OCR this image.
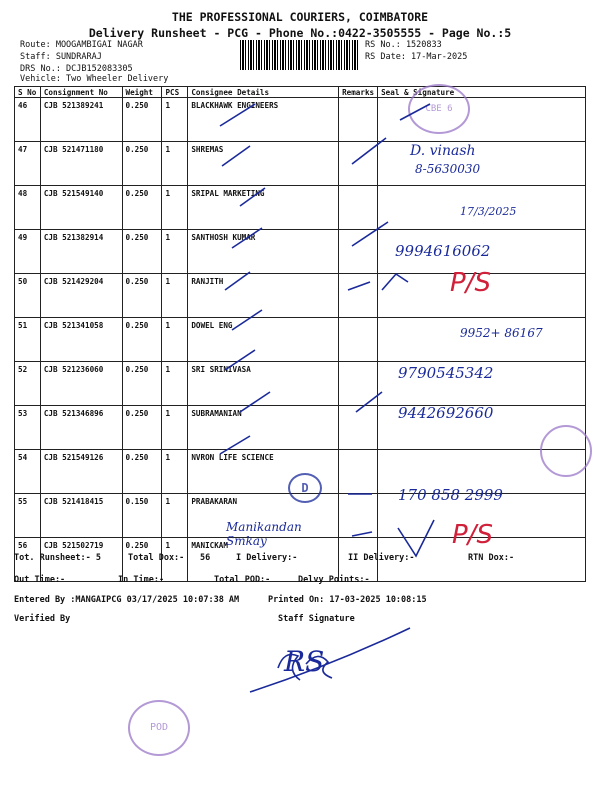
THE PROFESSIONAL COURIERS, COIMBATORE
Delivery Runsheet - PCG - Phone No.:0422-3505555 - Page No.:5
Route: MOOGAMBIGAI NAGAR
Staff: SUNDRARAJ
DRS No.: DCJB152083305
Vehicle: Two Wheeler Delivery
RS No.: 1520833
RS Date: 17-Mar-2025
S No	Consignment No	Weight	PCS	Consignee Details	Remarks	Seal & Signature
46	CJB 521389241	0.250	1	BLACKHAWK ENGINEERS		
47	CJB 521471180	0.250	1	SHREMAS		
48	CJB 521549140	0.250	1	SRIPAL MARKETING		
49	CJB 521382914	0.250	1	SANTHOSH KUMAR		
50	CJB 521429204	0.250	1	RANJITH		
51	CJB 521341058	0.250	1	DOWEL ENG		
52	CJB 521236060	0.250	1	SRI SRINIVASA		
53	CJB 521346896	0.250	1	SUBRAMANIAN		
54	CJB 521549126	0.250	1	NVRON LIFE SCIENCE		
55	CJB 521418415	0.150	1	PRABAKARAN		
56	CJB 521502719	0.250	1	MANICKAM		
CBE 6
D. vinash
8-5630030
17/3/2025
9994616062
P/S
9952+ 86167
9790545342
9442692660
D	170 858 2999
Manikandan Smkay	P/S
RS
POD
Tot. Runsheet:- 5	Total Dox:- 56	I Delivery:-	II Delivery:-	RTN Dox:-
Out Time:-	In Time:-	Total POD:-	Delvy Points:-
Entered By :MANGAIPCG 03/17/2025 10:07:38 AM	Printed On: 17-03-2025 10:08:15
Verified By	Staff Signature
